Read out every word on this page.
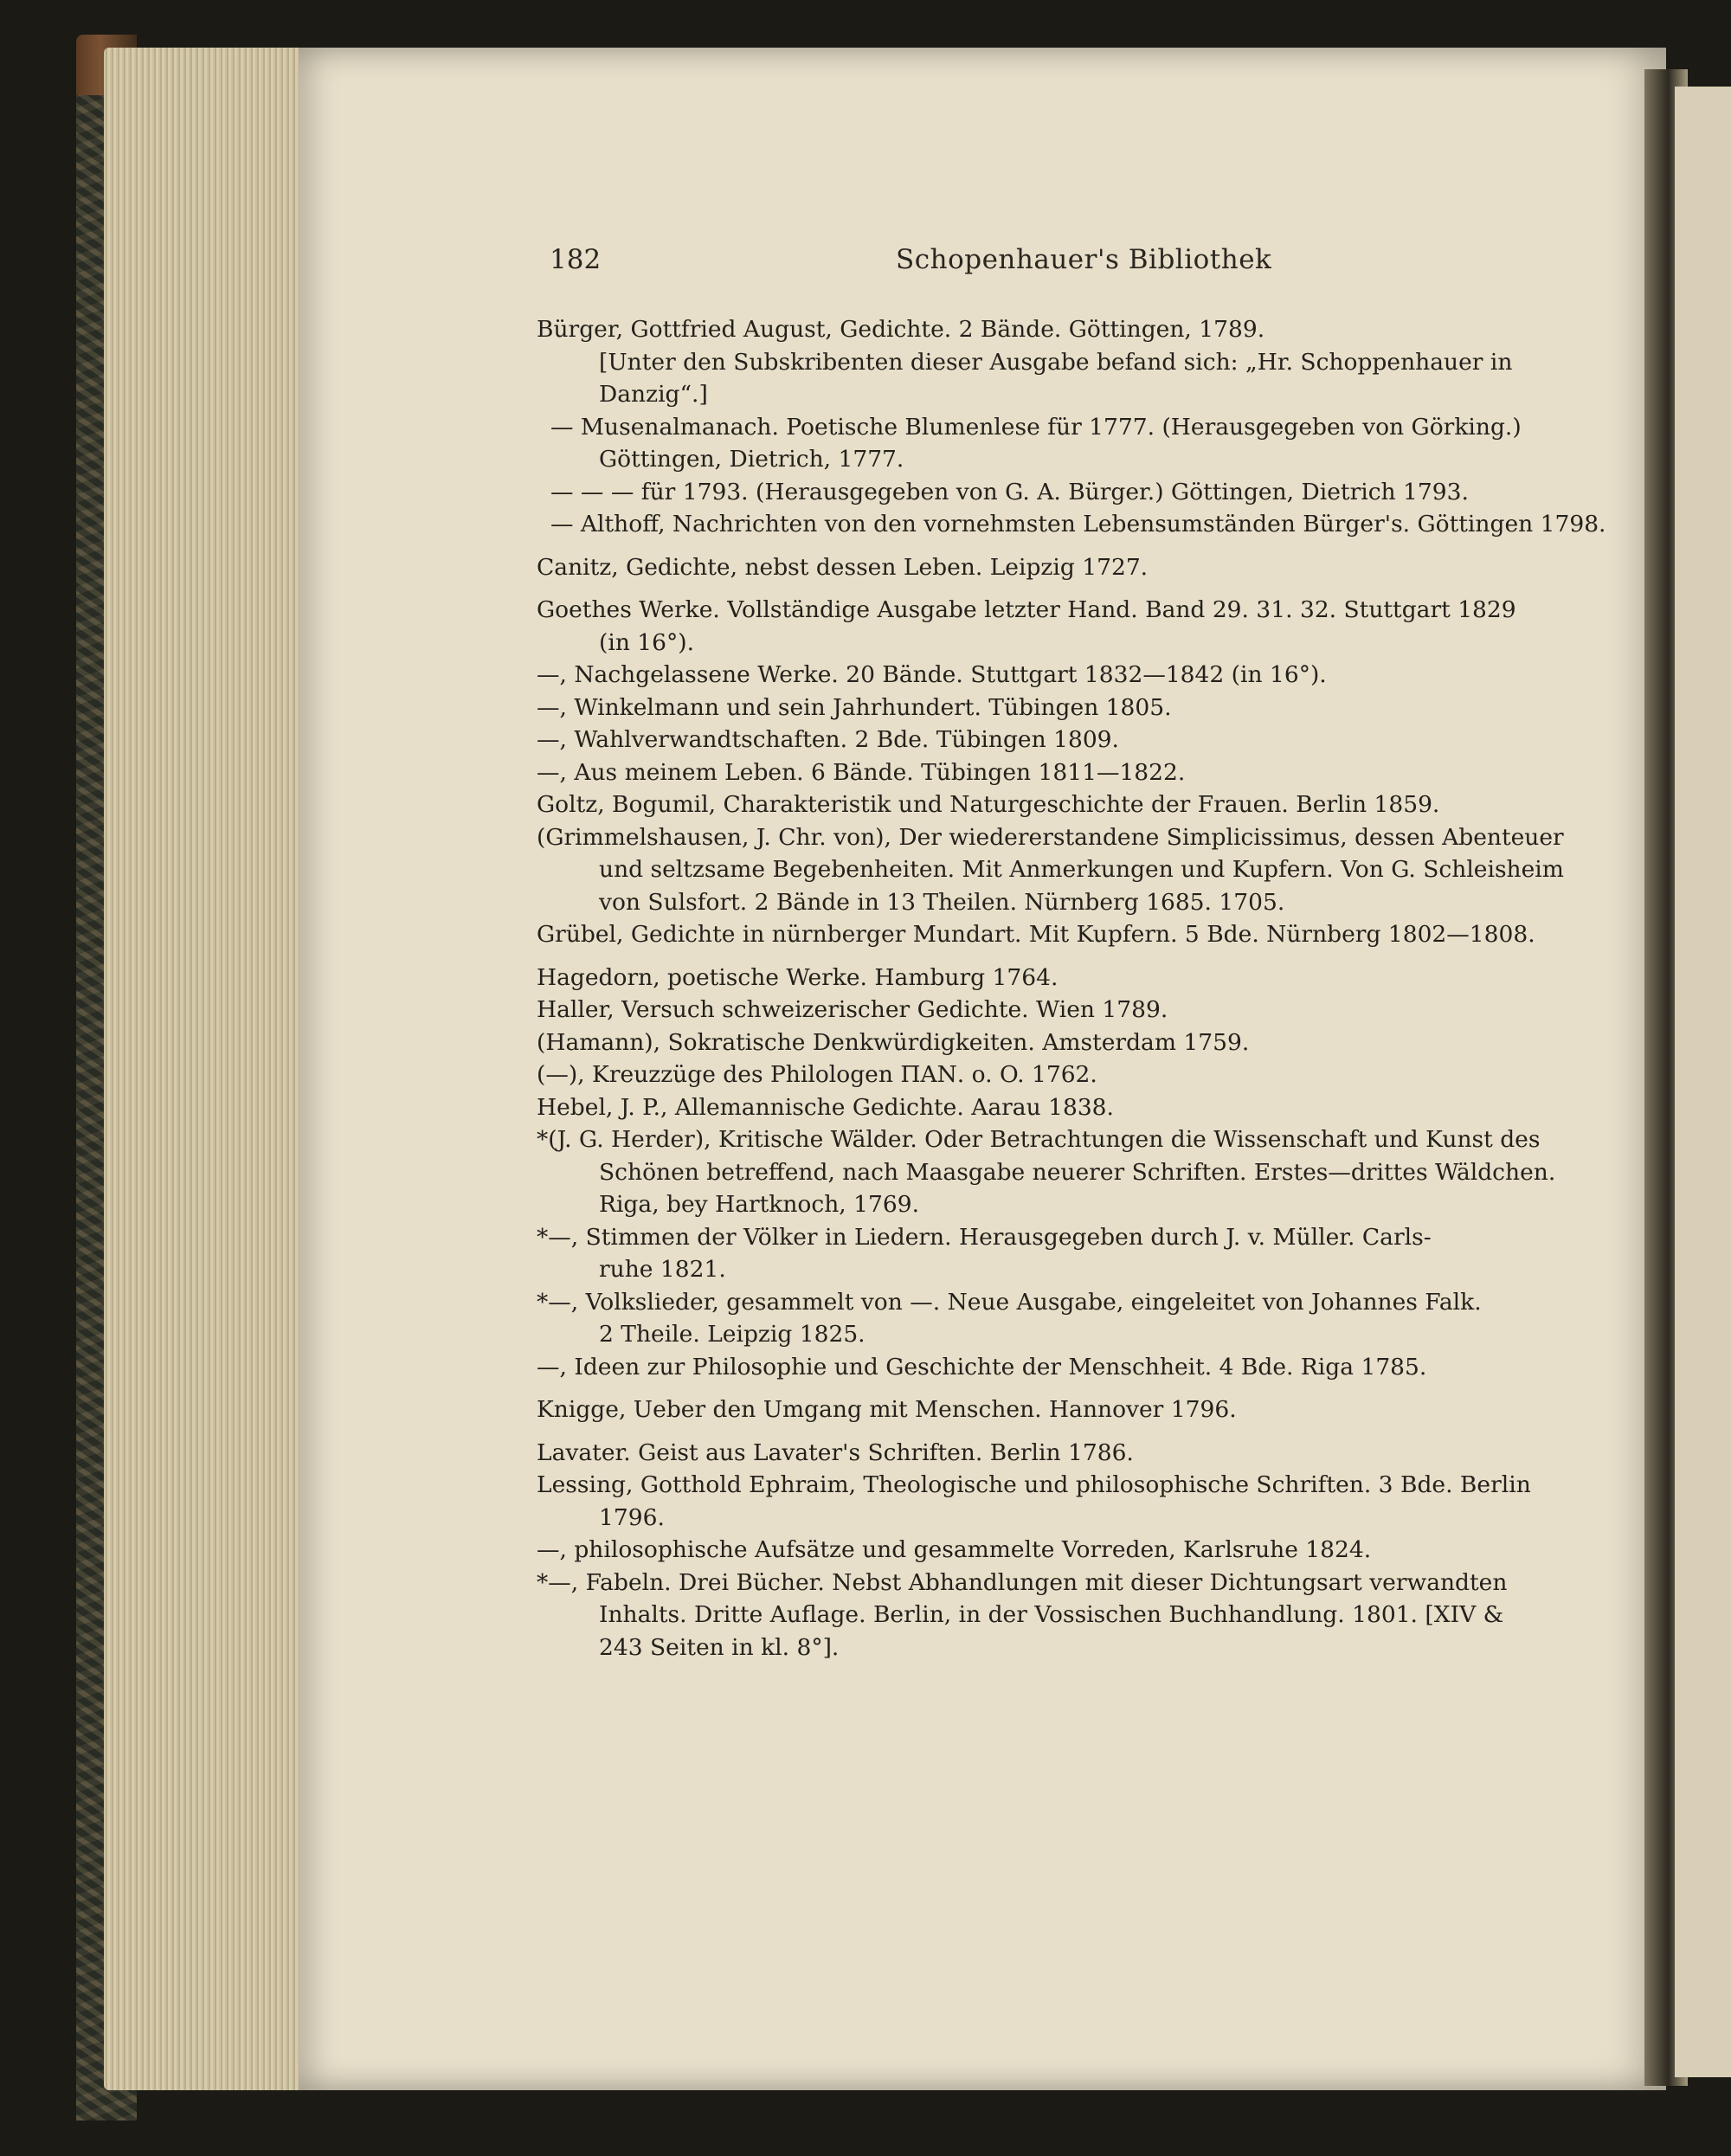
182	Schopenhauer's Bibliothek
Bürger, Gottfried August, Gedichte. 2 Bände. Göttingen, 1789.
[Unter den Subskribenten dieser Ausgabe befand sich: „Hr. Schoppenhauer in
Danzig“.]
— Musenalmanach. Poetische Blumenlese für 1777. (Herausgegeben von Görking.)
Göttingen, Dietrich, 1777.
— — — für 1793. (Herausgegeben von G. A. Bürger.) Göttingen, Dietrich 1793.
— Althoff, Nachrichten von den vornehmsten Lebensumständen Bürger's. Göttingen 1798.
Canitz, Gedichte, nebst dessen Leben. Leipzig 1727.
Goethes Werke. Vollständige Ausgabe letzter Hand. Band 29. 31. 32. Stuttgart 1829
(in 16°).
—, Nachgelassene Werke. 20 Bände. Stuttgart 1832—1842 (in 16°).
—, Winkelmann und sein Jahrhundert. Tübingen 1805.
—, Wahlverwandtschaften. 2 Bde. Tübingen 1809.
—, Aus meinem Leben. 6 Bände. Tübingen 1811—1822.
Goltz, Bogumil, Charakteristik und Naturgeschichte der Frauen. Berlin 1859.
(Grimmelshausen, J. Chr. von), Der wiedererstandene Simplicissimus, dessen Abenteuer
und seltzsame Begebenheiten. Mit Anmerkungen und Kupfern. Von G. Schleisheim
von Sulsfort. 2 Bände in 13 Theilen. Nürnberg 1685. 1705.
Grübel, Gedichte in nürnberger Mundart. Mit Kupfern. 5 Bde. Nürnberg 1802—1808.
Hagedorn, poetische Werke. Hamburg 1764.
Haller, Versuch schweizerischer Gedichte. Wien 1789.
(Hamann), Sokratische Denkwürdigkeiten. Amsterdam 1759.
(—), Kreuzzüge des Philologen ΠΑΝ. o. O. 1762.
Hebel, J. P., Allemannische Gedichte. Aarau 1838.
*(J. G. Herder), Kritische Wälder. Oder Betrachtungen die Wissenschaft und Kunst des
Schönen betreffend, nach Maasgabe neuerer Schriften. Erstes—drittes Wäldchen.
Riga, bey Hartknoch, 1769.
*—, Stimmen der Völker in Liedern. Herausgegeben durch J. v. Müller. Carls-
ruhe 1821.
*—, Volkslieder, gesammelt von —. Neue Ausgabe, eingeleitet von Johannes Falk.
2 Theile. Leipzig 1825.
—, Ideen zur Philosophie und Geschichte der Menschheit. 4 Bde. Riga 1785.
Knigge, Ueber den Umgang mit Menschen. Hannover 1796.
Lavater. Geist aus Lavater's Schriften. Berlin 1786.
Lessing, Gotthold Ephraim, Theologische und philosophische Schriften. 3 Bde. Berlin
1796.
—, philosophische Aufsätze und gesammelte Vorreden, Karlsruhe 1824.
*—, Fabeln. Drei Bücher. Nebst Abhandlungen mit dieser Dichtungsart verwandten
Inhalts. Dritte Auflage. Berlin, in der Vossischen Buchhandlung. 1801. [XIV &
243 Seiten in kl. 8°].
